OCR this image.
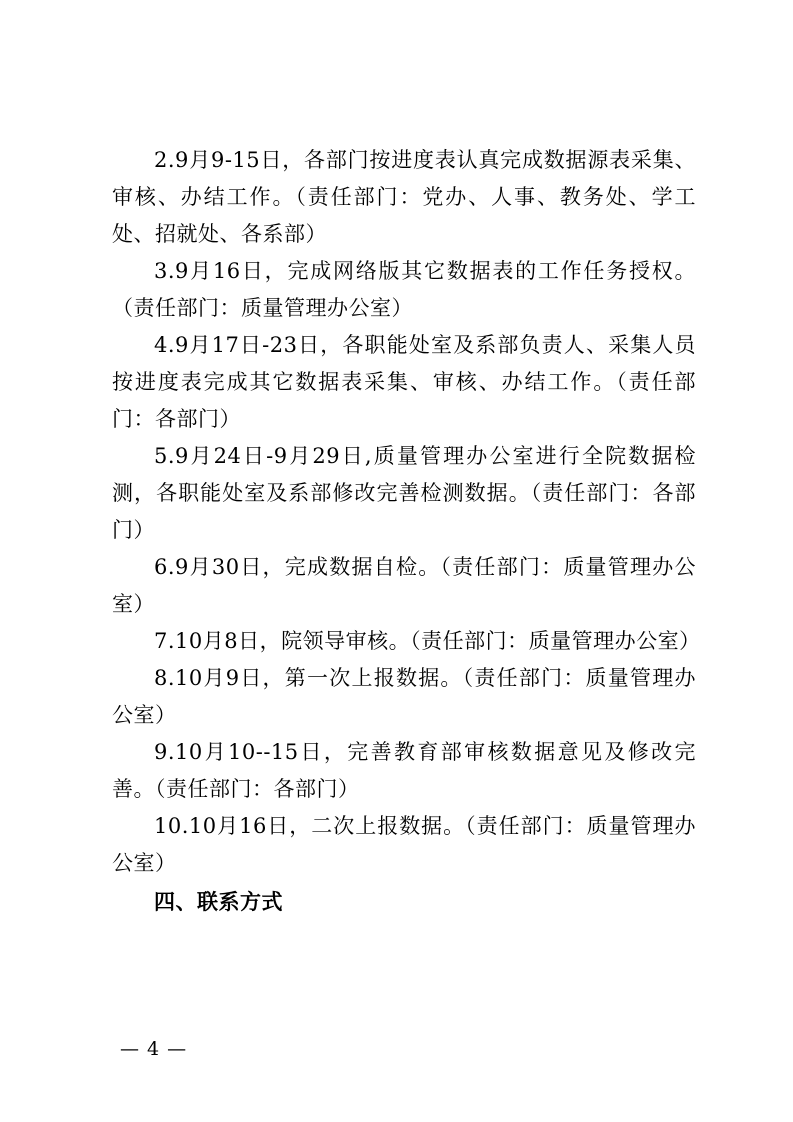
2.9月9-15日，各部门按进度表认真完成数据源表采集、审核、办结工作。（责任部门：党办、人事、教务处、学工处、招就处、各系部）

3.9月16日，完成网络版其它数据表的工作任务授权。（责任部门：质量管理办公室）

4.9月17日-23日，各职能处室及系部负责人、采集人员按进度表完成其它数据表采集、审核、办结工作。（责任部门：各部门）

5.9月24日-9月29日,质量管理办公室进行全院数据检测，各职能处室及系部修改完善检测数据。（责任部门：各部门）

6.9月30日，完成数据自检。（责任部门：质量管理办公室）

7.10月8日，院领导审核。（责任部门：质量管理办公室）

8.10月9日，第一次上报数据。（责任部门：质量管理办公室）

9.10月10--15日，完善教育部审核数据意见及修改完善。（责任部门：各部门）

10.10月16日，二次上报数据。（责任部门：质量管理办公室）

四、联系方式

— 4 —
